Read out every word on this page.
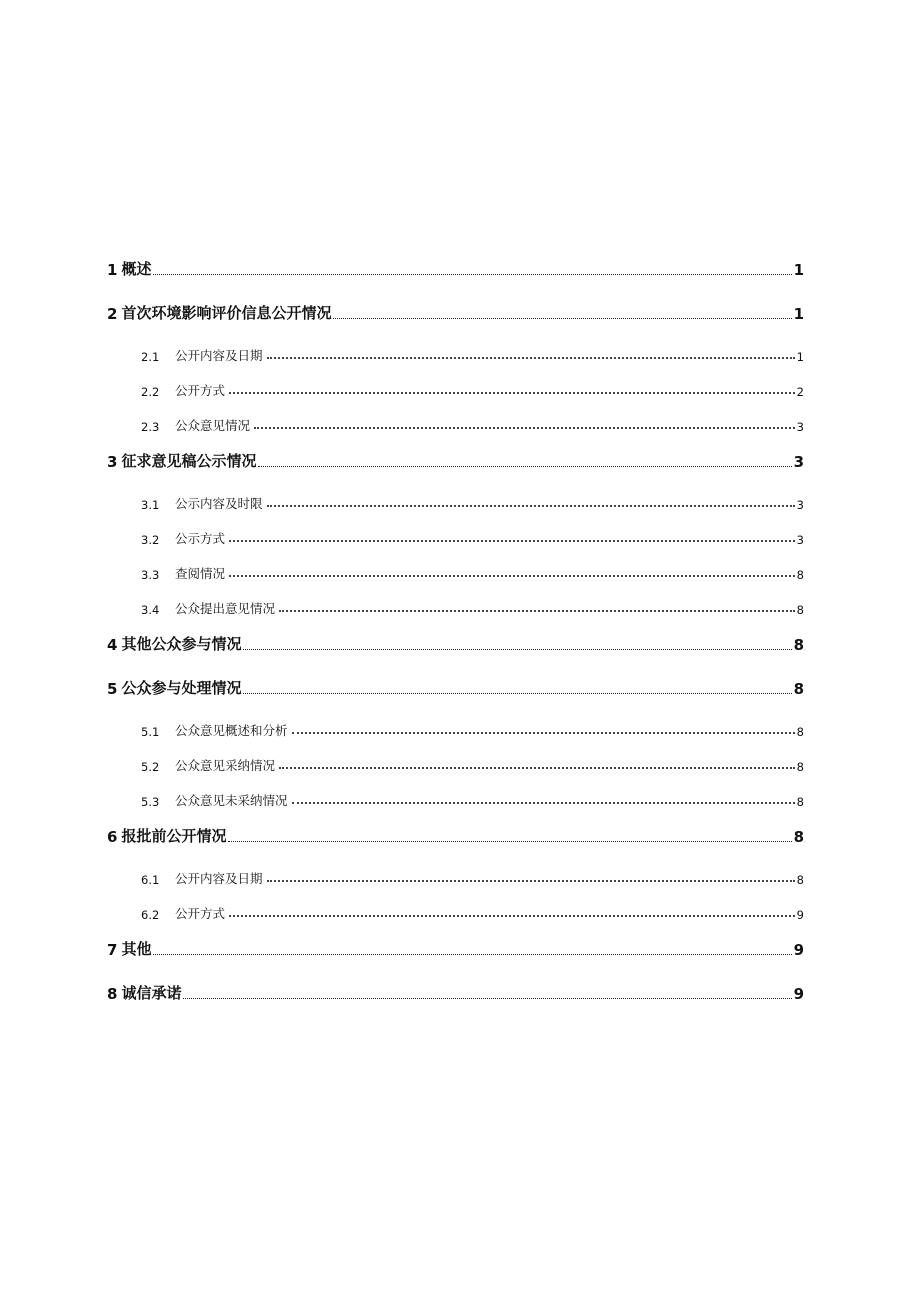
1 概述	1
2 首次环境影响评价信息公开情况	1
2.1	公开内容及日期	1
2.2	公开方式	2
2.3	公众意见情况	3
3 征求意见稿公示情况	3
3.1	公示内容及时限	3
3.2	公示方式	3
3.3	查阅情况	8
3.4	公众提出意见情况	8
4 其他公众参与情况	8
5 公众参与处理情况	8
5.1	公众意见概述和分析	8
5.2	公众意见采纳情况	8
5.3	公众意见未采纳情况	8
6 报批前公开情况	8
6.1	公开内容及日期	8
6.2	公开方式	9
7 其他	9
8 诚信承诺	9
